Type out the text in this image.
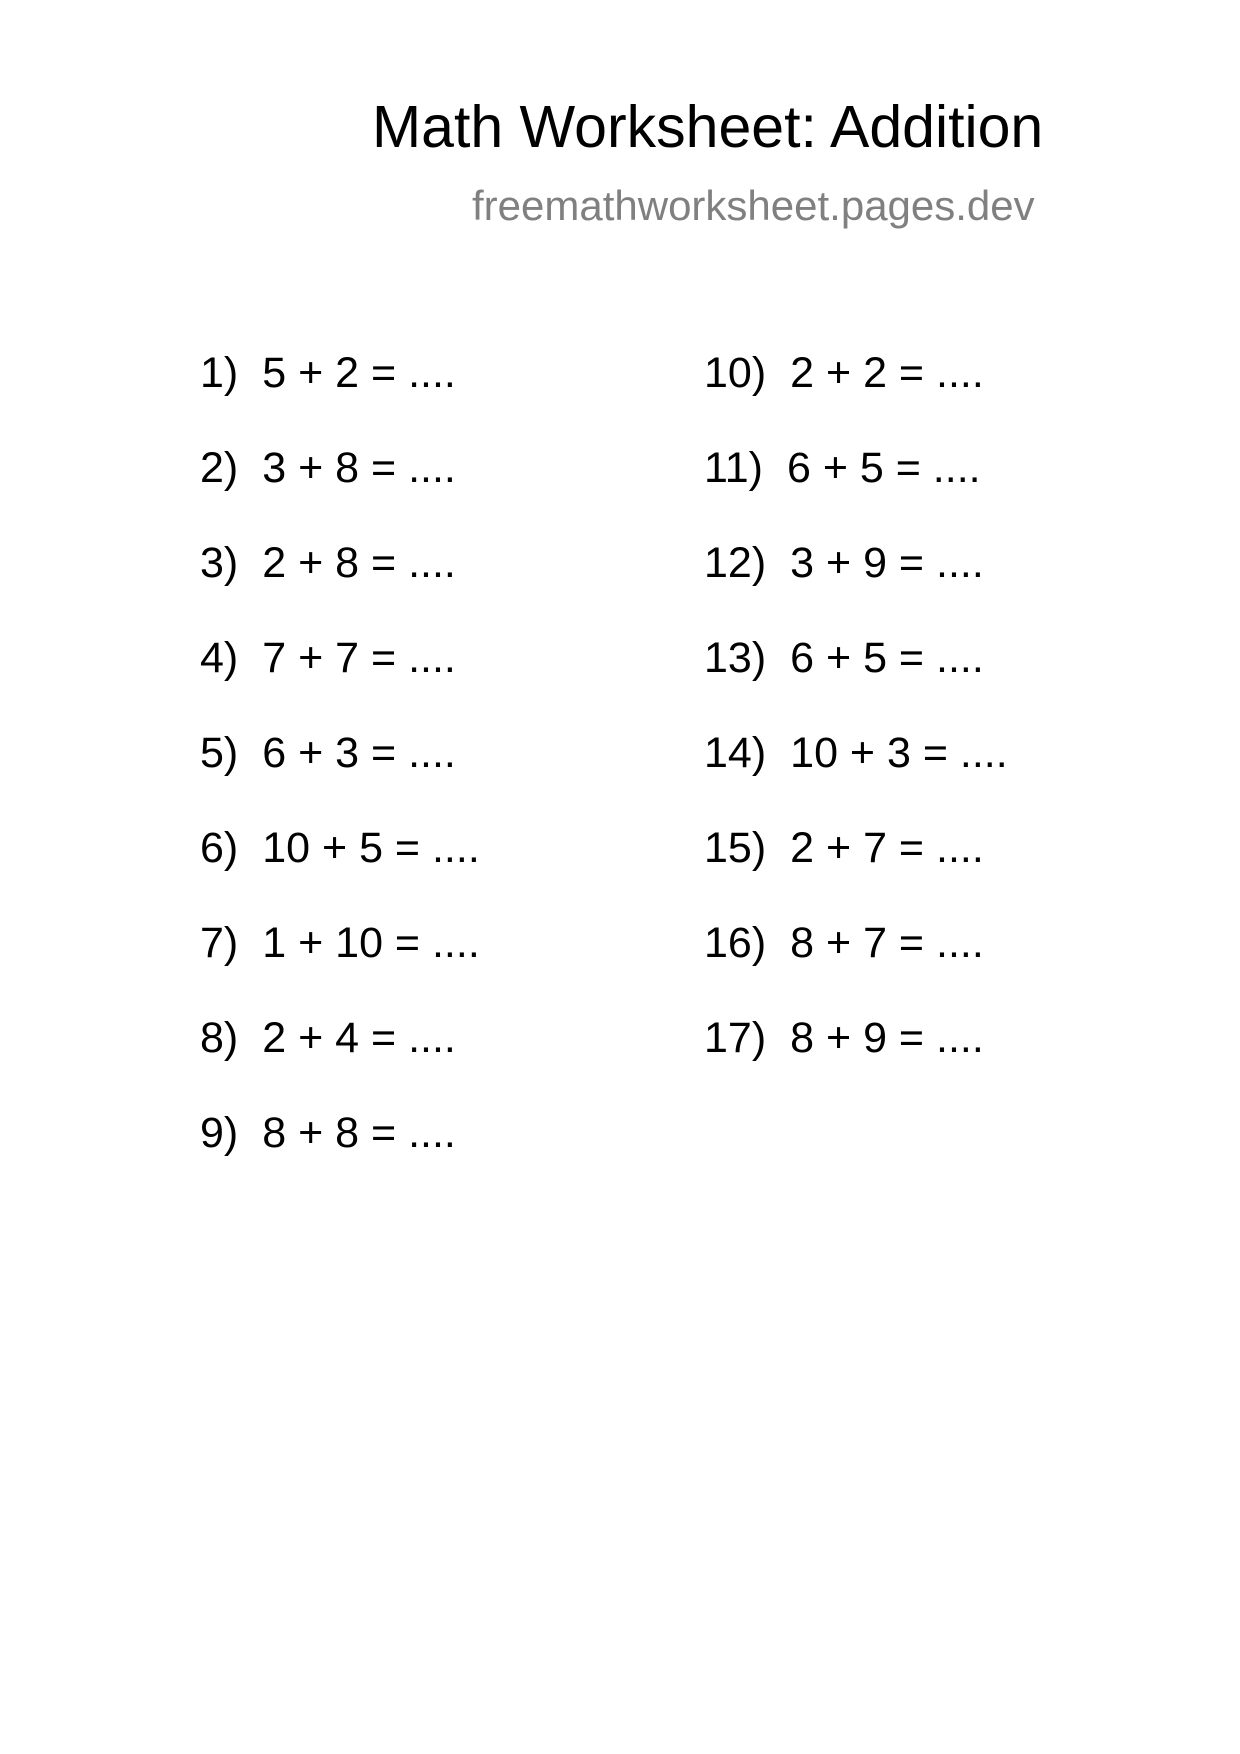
Math Worksheet: Addition
freemathworksheet.pages.dev
1) 5 + 2 = ....
2) 3 + 8 = ....
3) 2 + 8 = ....
4) 7 + 7 = ....
5) 6 + 3 = ....
6) 10 + 5 = ....
7) 1 + 10 = ....
8) 2 + 4 = ....
9) 8 + 8 = ....
10) 2 + 2 = ....
11) 6 + 5 = ....
12) 3 + 9 = ....
13) 6 + 5 = ....
14) 10 + 3 = ....
15) 2 + 7 = ....
16) 8 + 7 = ....
17) 8 + 9 = ....
